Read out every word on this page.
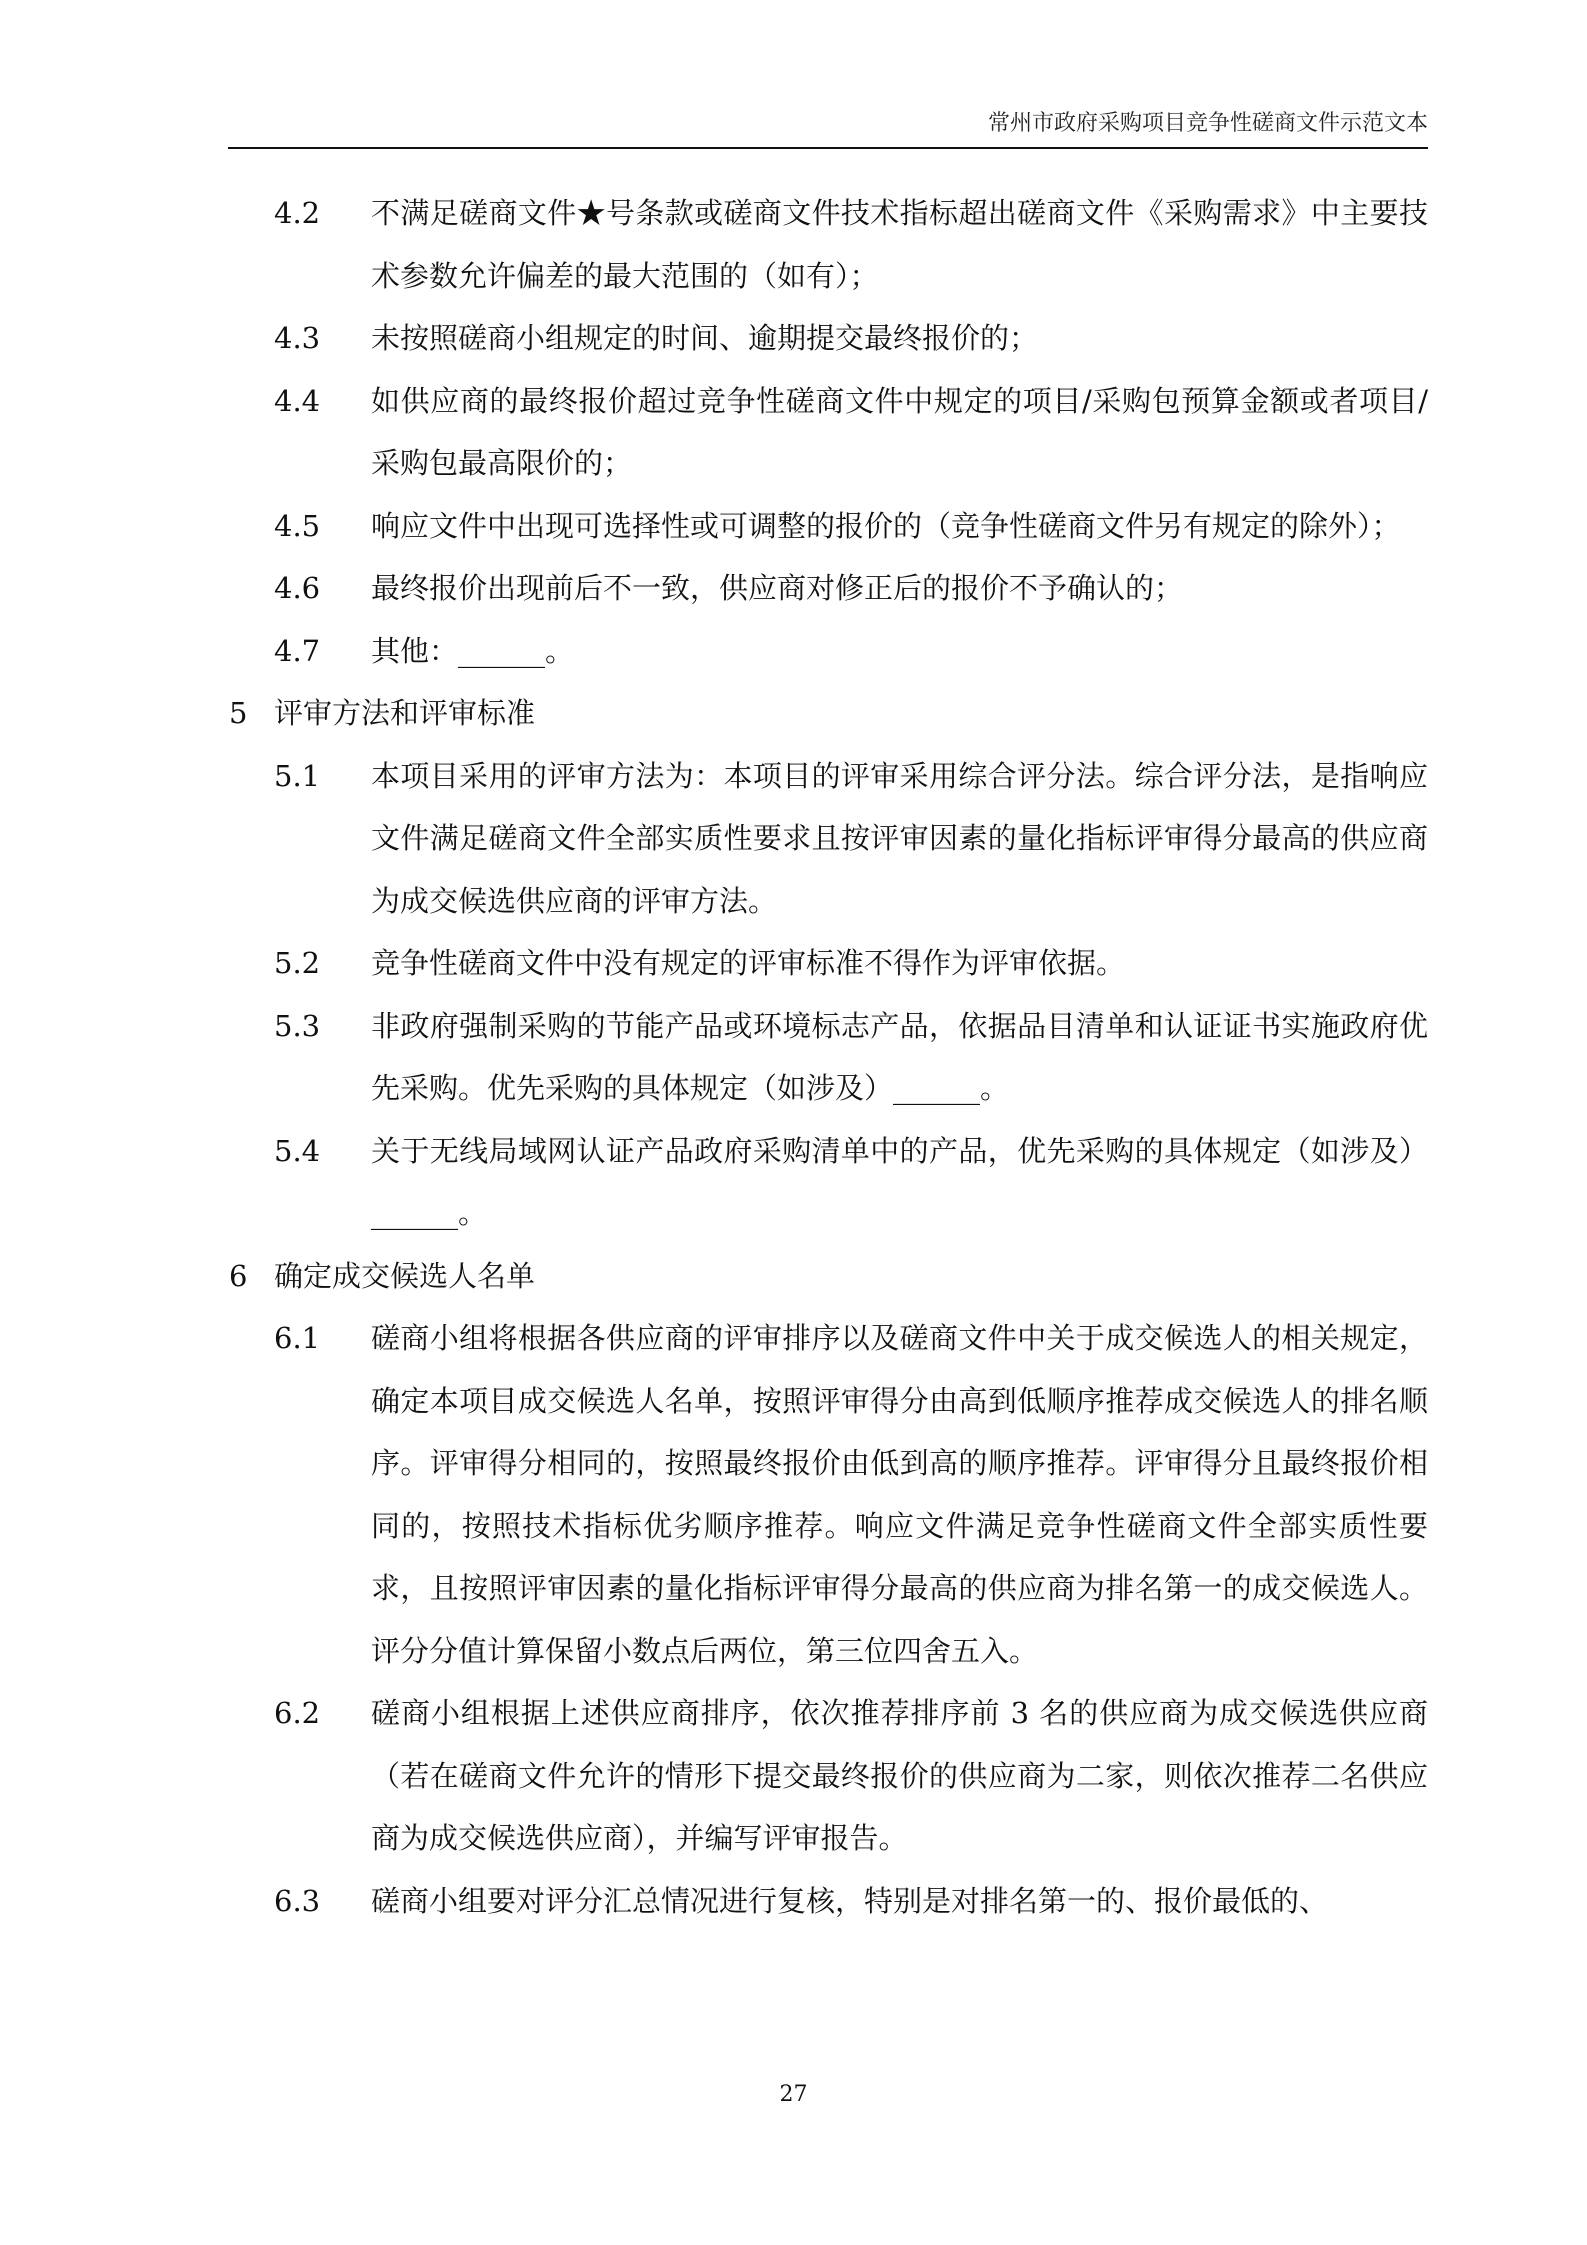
常州市政府采购项目竞争性磋商文件示范文本
4.2 不满足磋商文件★号条款或磋商文件技术指标超出磋商文件《采购需求》中主要技术参数允许偏差的最大范围的（如有）；
4.3 未按照磋商小组规定的时间、逾期提交最终报价的；
4.4 如供应商的最终报价超过竞争性磋商文件中规定的项目/采购包预算金额或者项目/采购包最高限价的；
4.5 响应文件中出现可选择性或可调整的报价的（竞争性磋商文件另有规定的除外）；
4.6 最终报价出现前后不一致，供应商对修正后的报价不予确认的；
4.7 其他：______。
5 评审方法和评审标准
5.1 本项目采用的评审方法为：本项目的评审采用综合评分法。综合评分法，是指响应文件满足磋商文件全部实质性要求且按评审因素的量化指标评审得分最高的供应商为成交候选供应商的评审方法。
5.2 竞争性磋商文件中没有规定的评审标准不得作为评审依据。
5.3 非政府强制采购的节能产品或环境标志产品，依据品目清单和认证证书实施政府优先采购。优先采购的具体规定（如涉及）______。
5.4 关于无线局域网认证产品政府采购清单中的产品，优先采购的具体规定（如涉及）______。
6 确定成交候选人名单
6.1 磋商小组将根据各供应商的评审排序以及磋商文件中关于成交候选人的相关规定，确定本项目成交候选人名单，按照评审得分由高到低顺序推荐成交候选人的排名顺序。评审得分相同的，按照最终报价由低到高的顺序推荐。评审得分且最终报价相同的，按照技术指标优劣顺序推荐。响应文件满足竞争性磋商文件全部实质性要求，且按照评审因素的量化指标评审得分最高的供应商为排名第一的成交候选人。评分分值计算保留小数点后两位，第三位四舍五入。
6.2 磋商小组根据上述供应商排序，依次推荐排序前 3 名的供应商为成交候选供应商（若在磋商文件允许的情形下提交最终报价的供应商为二家，则依次推荐二名供应商为成交候选供应商），并编写评审报告。
6.3 磋商小组要对评分汇总情况进行复核，特别是对排名第一的、报价最低的、
27
